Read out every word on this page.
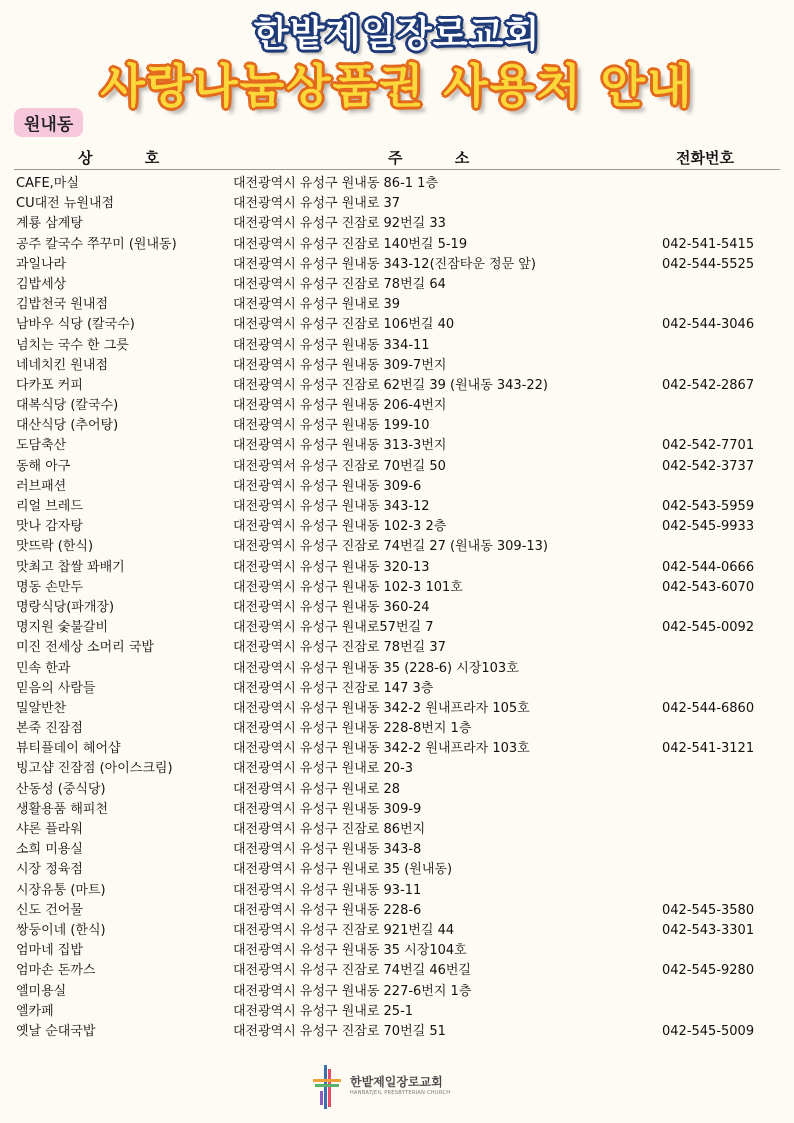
한밭제일장로교회
사랑나눔상품권 사용처 안내
원내동
상          호	주          소	전화번호
CAFE,마실	대전광역시 유성구 원내동 86-1 1층
CU대전 뉴원내점	대전광역시 유성구 원내로 37
계룡 삼계탕	대전광역시 유성구 진잠로 92번길 33
공주 칼국수 쭈꾸미 (원내동)	대전광역시 유성구 진잠로 140번길 5-19	042-541-5415
과일나라	대전광역시 유성구 원내동 343-12(진잠타운 정문 앞)	042-544-5525
김밥세상	대전광역시 유성구 진잠로 78번길 64
김밥천국 원내점	대전광역시 유성구 원내로 39
남바우 식당 (칼국수)	대전광역시 유성구 진잠로 106번길 40	042-544-3046
넘치는 국수 한 그릇	대전광역시 유성구 원내동 334-11
네네치킨 원내점	대전광역시 유성구 원내동 309-7번지
다카포 커피	대전광역시 유성구 진잠로 62번길 39 (원내동 343-22)	042-542-2867
대복식당 (칼국수)	대전광역시 유성구 원내동 206-4번지
대산식당 (추어탕)	대전광역시 유성구 원내동 199-10
도담축산	대전광역시 유성구 원내동 313-3번지	042-542-7701
동해 아구	대전광역서 유성구 진잠로 70번길 50	042-542-3737
러브패션	대전광역시 유성구 원내동 309-6
리얼 브레드	대전광역시 유성구 원내동 343-12	042-543-5959
맛나 감자탕	대전광역시 유성구 원내동 102-3 2층	042-545-9933
맛뜨락 (한식)	대전광역시 유성구 진잠로 74번길 27 (원내동 309-13)
맛최고 찹쌀 꽈배기	대전광역시 유성구 원내동 320-13	042-544-0666
명동 손만두	대전광역시 유성구 원내동 102-3 101호	042-543-6070
명랑식당(파개장)	대전광역시 유성구 원내동 360-24
명지원 숯불갈비	대전광역시 유성구 원내로57번길 7	042-545-0092
미진 전세상 소머리 국밥	대전광역시 유성구 진잠로 78번길 37
민속 한과	대전광역시 유성구 원내동 35 (228-6) 시장103호
믿음의 사람들	대전광역시 유성구 진잠로 147 3층
밀알반찬	대전광역시 유성구 원내동 342-2 원내프라자 105호	042-544-6860
본죽 진잠점	대전광역시 유성구 원내동 228-8번지 1층
뷰티플데이 헤어샵	대전광역시 유성구 원내동 342-2 원내프라자 103호	042-541-3121
빙고샵 진잠점 (아이스크림)	대전광역시 유성구 원내로 20-3
산동성 (중식당)	대전광역시 유성구 원내로 28
생활용품 해피천	대전광역시 유성구 원내동 309-9
샤론 플라워	대전광역시 유성구 진잠로 86번지
소희 미용실	대전광역시 유성구 원내동 343-8
시장 정육점	대전광역시 유성구 원내로 35 (원내동)
시장유통 (마트)	대전광역시 유성구 원내동 93-11
신도 건어물	대전광역시 유성구 원내동 228-6	042-545-3580
쌍둥이네 (한식)	대전광역시 유성구 진잠로 921번길 44	042-543-3301
엄마네 집밥	대전광역시 유성구 원내동 35 시장104호
엄마손 돈까스	대전광역시 유성구 진잠로 74번길 46번길	042-545-9280
엘미용실	대전광역시 유성구 원내동 227-6번지 1층
엘카페	대전광역시 유성구 원내로 25-1
옛날 순대국밥	대전광역시 유성구 진잠로 70번길 51	042-545-5009
한밭제일장로교회
HANBATJEIL PRESBYTERIAN CHURCH
